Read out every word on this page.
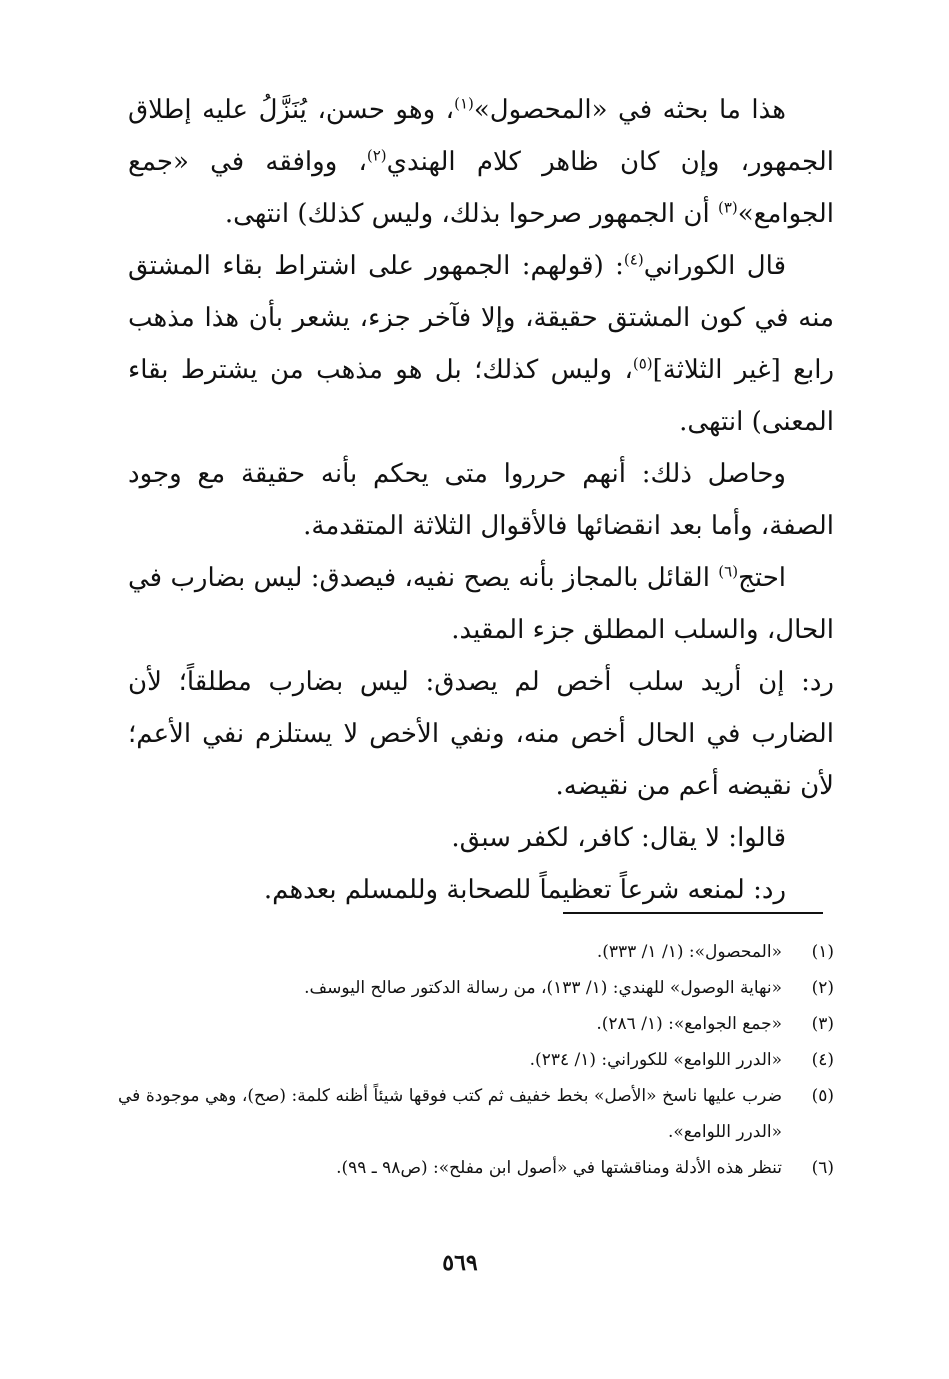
هذا ما بحثه في «المحصول»$^{(١)}$، وهو حسن، يُنَزَّلُ عليه إطلاق الجمهور، وإن كان ظاهر كلام الهندي$^{(٢)}$، ووافقه في «جمع الجوامع»$^{(٣)}$ أن الجمهور صرحوا بذلك، وليس كذلك) انتهى.

قال الكوراني$^{(٤)}$: (قولهم: الجمهور على اشتراط بقاء المشتق منه في كون المشتق حقيقة، وإلا فآخر جزء، يشعر بأن هذا مذهب رابع [غير الثلاثة]$^{(٥)}$، وليس كذلك؛ بل هو مذهب من يشترط بقاء المعنى) انتهى.

وحاصل ذلك: أنهم حرروا متى يحكم بأنه حقيقة مع وجود الصفة، وأما بعد انقضائها فالأقوال الثلاثة المتقدمة.

احتج$^{(٦)}$ القائل بالمجاز بأنه يصح نفيه، فيصدق: ليس بضارب في الحال، والسلب المطلق جزء المقيد.

رد: إن أريد سلب أخص لم يصدق: ليس بضارب مطلقاً؛ لأن الضارب في الحال أخص منه، ونفي الأخص لا يستلزم نفي الأعم؛ لأن نقيضه أعم من نقيضه.

قالوا: لا يقال: كافر، لكفر سبق.

رد: لمنعه شرعاً تعظيماً للصحابة وللمسلم بعدهم.

(١)
«المحصول»: (١/ ١/ ٣٣٣).
(٢)
«نهاية الوصول» للهندي: (١/ ١٣٣)، من رسالة الدكتور صالح اليوسف.
(٣)
«جمع الجوامع»: (١/ ٢٨٦).
(٤)
«الدرر اللوامع» للكوراني: (١/ ٢٣٤).
(٥)
ضرب عليها ناسخ «الأصل» بخط خفيف ثم كتب فوقها شيئاً أظنه كلمة: (صح)، وهي موجودة في «الدرر اللوامع».
(٦)
تنظر هذه الأدلة ومناقشتها في «أصول ابن مفلح»: (ص٩٨ ـ ٩٩).
٥٦٩
